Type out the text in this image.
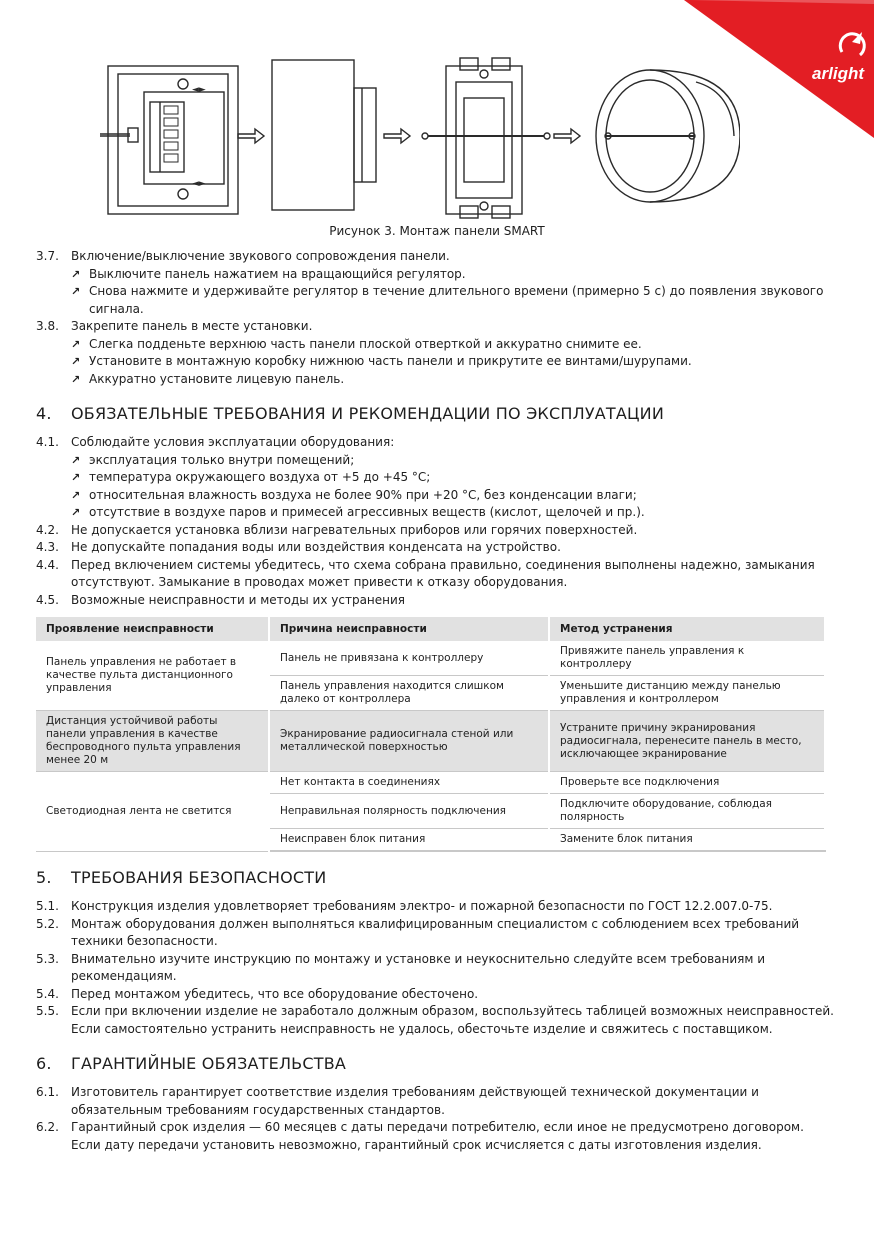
arlight
◄►
◄►
Рисунок 3. Монтаж панели SMART
3.7.	Включение/выключение звукового сопровождения панели.
↗ Выключите панель нажатием на вращающийся регулятор.
↗ Снова нажмите и удерживайте регулятор в течение длительного времени (примерно 5 с) до появления звукового сигнала.
3.8.	Закрепите панель в месте установки.
↗ Слегка подденьте верхнюю часть панели плоской отверткой и аккуратно снимите ее.
↗ Установите в монтажную коробку нижнюю часть панели и прикрутите ее винтами/шурупами.
↗ Аккуратно установите лицевую панель.
4.	ОБЯЗАТЕЛЬНЫЕ ТРЕБОВАНИЯ И РЕКОМЕНДАЦИИ ПО ЭКСПЛУАТАЦИИ
4.1.	Соблюдайте условия эксплуатации оборудования:
↗ эксплуатация только внутри помещений;
↗ температура окружающего воздуха от +5 до +45 °C;
↗ относительная влажность воздуха не более 90% при +20 °C, без конденсации влаги;
↗ отсутствие в воздухе паров и примесей агрессивных веществ (кислот, щелочей и пр.).
4.2.	Не допускается установка вблизи нагревательных приборов или горячих поверхностей.
4.3.	Не допускайте попадания воды или воздействия конденсата на устройство.
4.4.	Перед включением системы убедитесь, что схема собрана правильно, соединения выполнены надежно, замыкания отсутствуют. Замыкание в проводах может привести к отказу оборудования.
4.5.	Возможные неисправности и методы их устранения
Проявление неисправности	Причина неисправности	Метод устранения
Панель управления не работает в качестве пульта дистанционного управления	Панель не привязана к контроллеру	Привяжите панель управления к контроллеру
	Панель управления находится слишком далеко от контроллера	Уменьшите дистанцию между панелью управления и контроллером
Дистанция устойчивой работы панели управления в качестве беспроводного пульта управления менее 20 м	Экранирование радиосигнала стеной или металлической поверхностью	Устраните причину экранирования радиосигнала, перенесите панель в место, исключающее экранирование
Светодиодная лента не светится	Нет контакта в соединениях	Проверьте все подключения
	Неправильная полярность подключения	Подключите оборудование, соблюдая полярность
	Неисправен блок питания	Замените блок питания
5.	ТРЕБОВАНИЯ БЕЗОПАСНОСТИ
5.1.	Конструкция изделия удовлетворяет требованиям электро- и пожарной безопасности по ГОСТ 12.2.007.0-75.
5.2.	Монтаж оборудования должен выполняться квалифицированным специалистом с соблюдением всех требований техники безопасности.
5.3.	Внимательно изучите инструкцию по монтажу и установке и неукоснительно следуйте всем требованиям и рекомендациям.
5.4.	Перед монтажом убедитесь, что все оборудование обесточено.
5.5.	Если при включении изделие не заработало должным образом, воспользуйтесь таблицей возможных неисправностей. Если самостоятельно устранить неисправность не удалось, обесточьте изделие и свяжитесь с поставщиком.
6.	ГАРАНТИЙНЫЕ ОБЯЗАТЕЛЬСТВА
6.1.	Изготовитель гарантирует соответствие изделия требованиям действующей технической документации и обязательным требованиям государственных стандартов.
6.2.	Гарантийный срок изделия — 60 месяцев с даты передачи потребителю, если иное не предусмотрено договором. Если дату передачи установить невозможно, гарантийный срок исчисляется с даты изготовления изделия.
